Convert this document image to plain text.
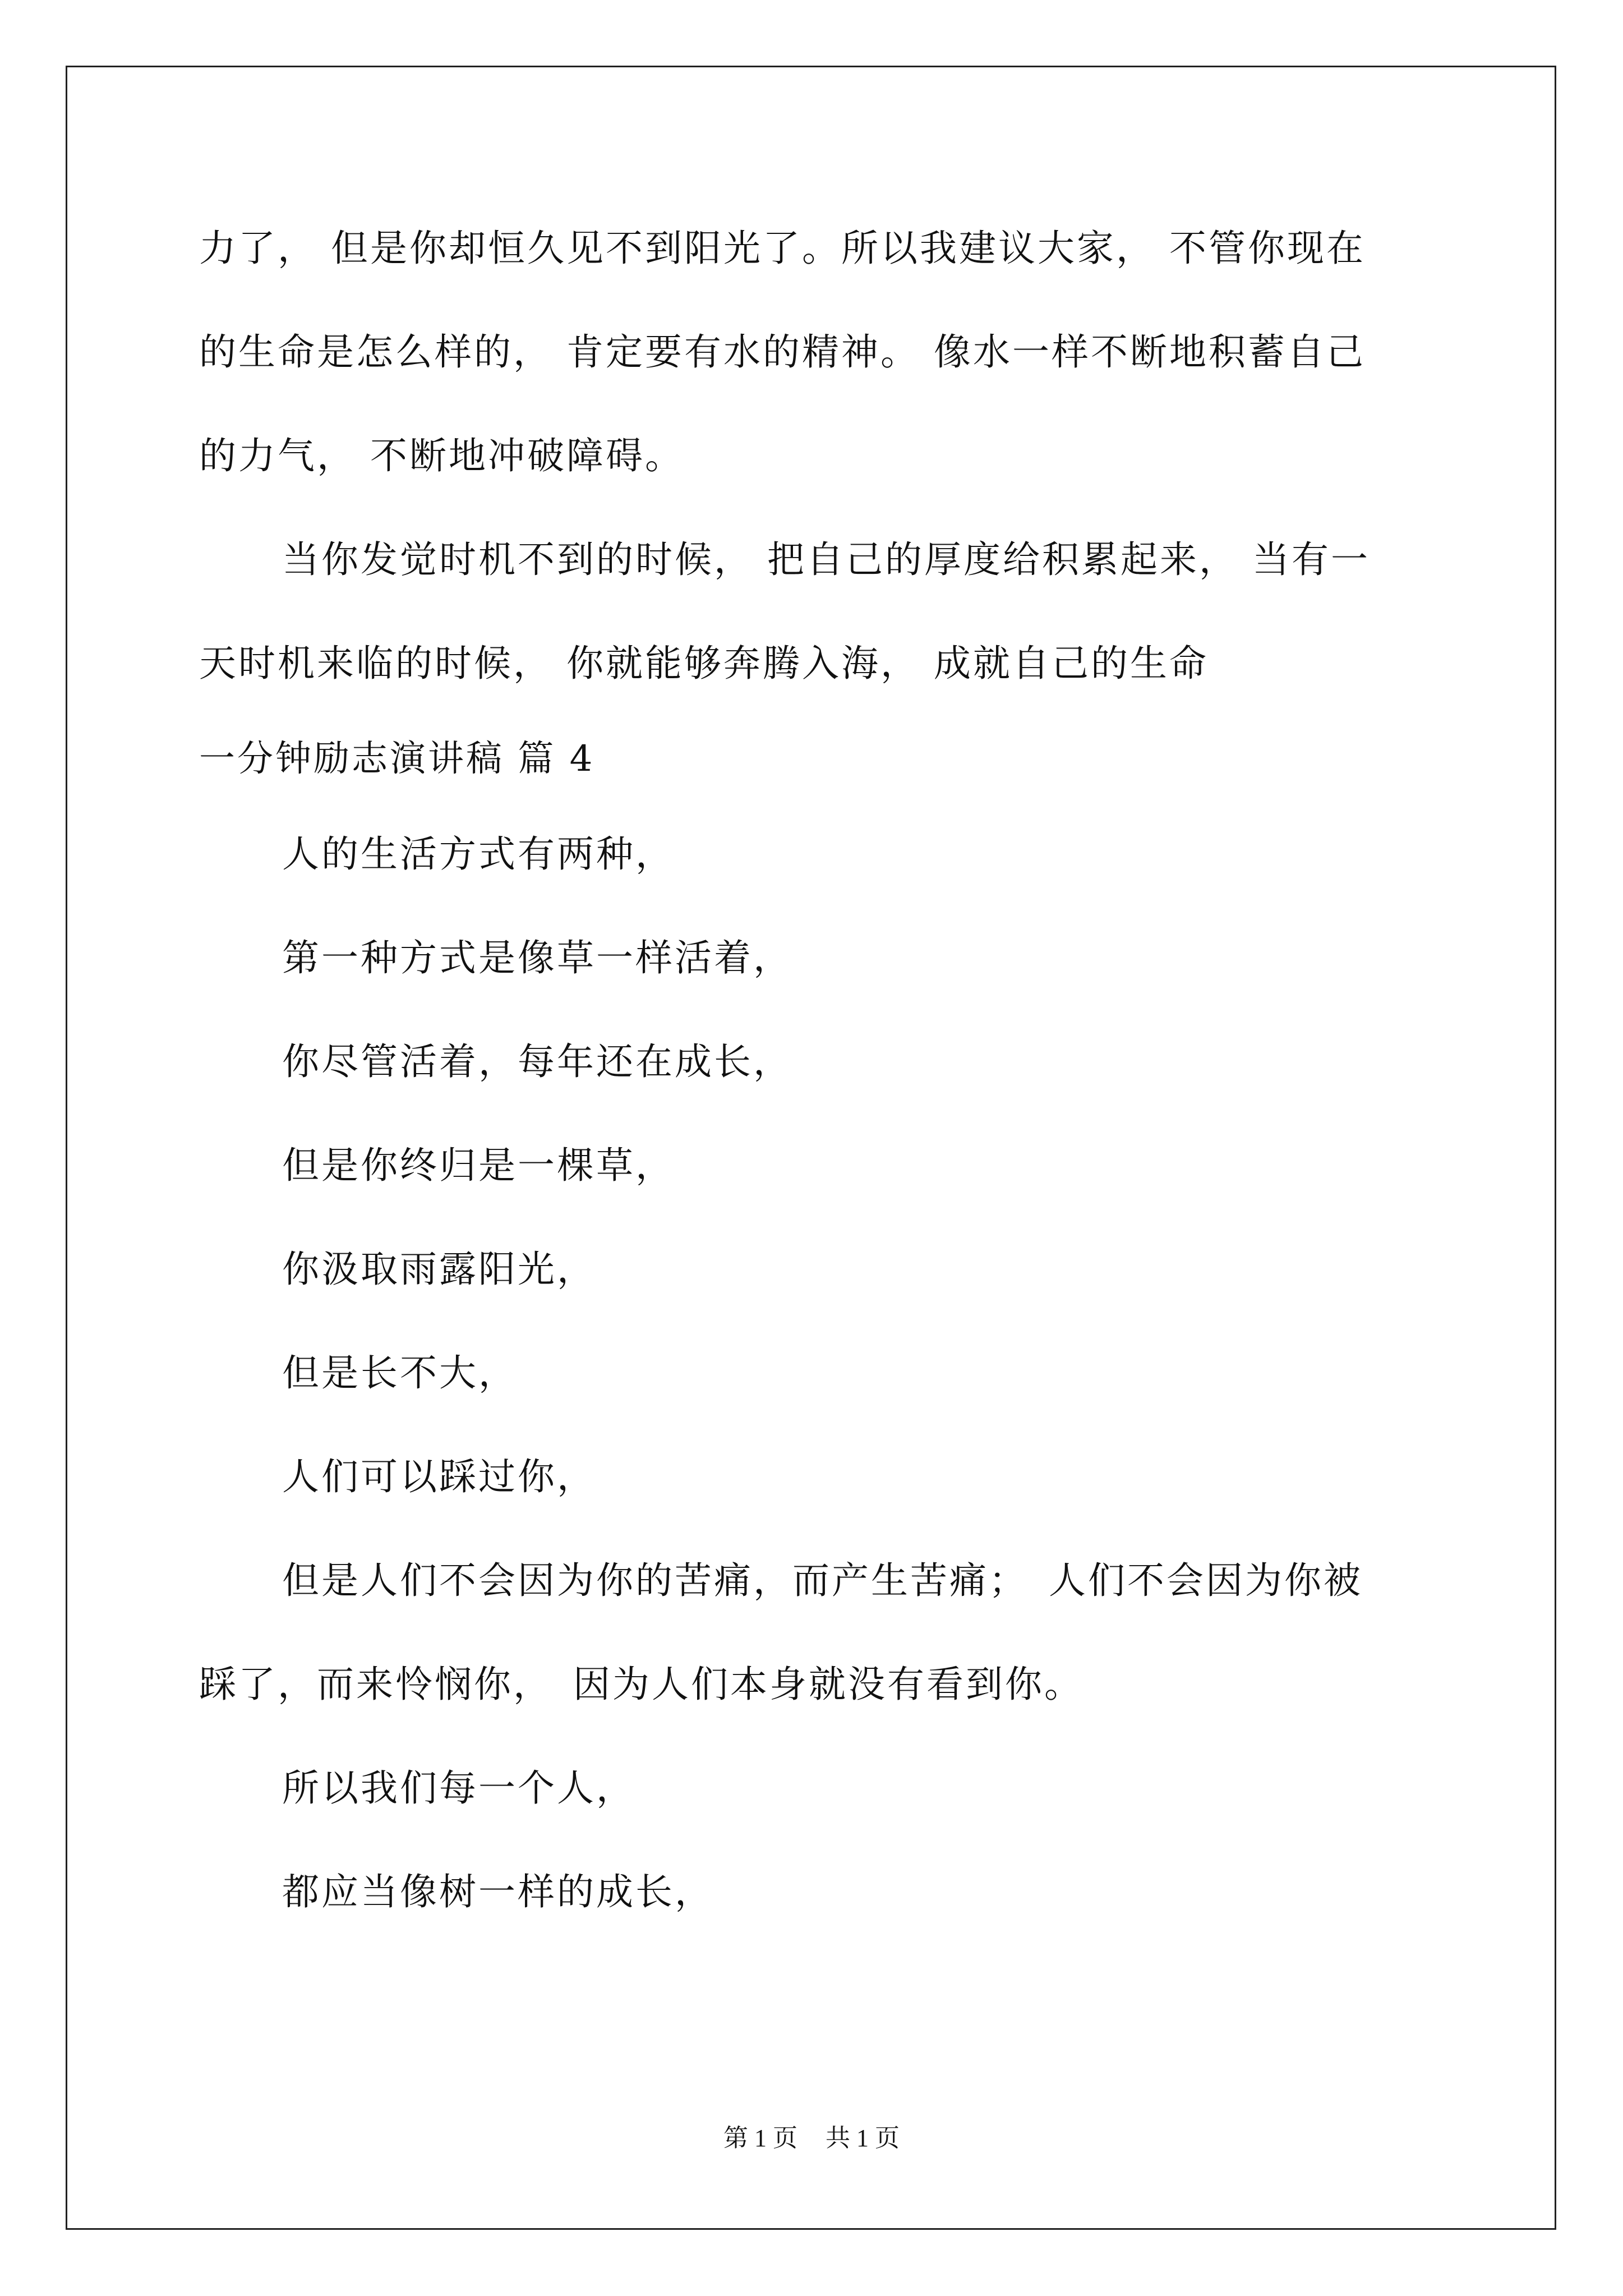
力了， 但是你却恒久见不到阳光了。所以我建议大家， 不管你现在
的生命是怎么样的， 肯定要有水的精神。 像水一样不断地积蓄自己
的力气， 不断地冲破障碍。
当你发觉时机不到的时候， 把自己的厚度给积累起来， 当有一
天时机来临的时候， 你就能够奔腾入海， 成就自己的生命
一分钟励志演讲稿 篇 4
人的生活方式有两种，
第一种方式是像草一样活着，
你尽管活着，每年还在成长，
但是你终归是一棵草，
你汲取雨露阳光，
但是长不大，
人们可以踩过你，
但是人们不会因为你的苦痛，而产生苦痛；　人们不会因为你被
踩了，而来怜悯你，　因为人们本身就没有看到你。
所以我们每一个人，
都应当像树一样的成长，
第 1 页 共 1 页
